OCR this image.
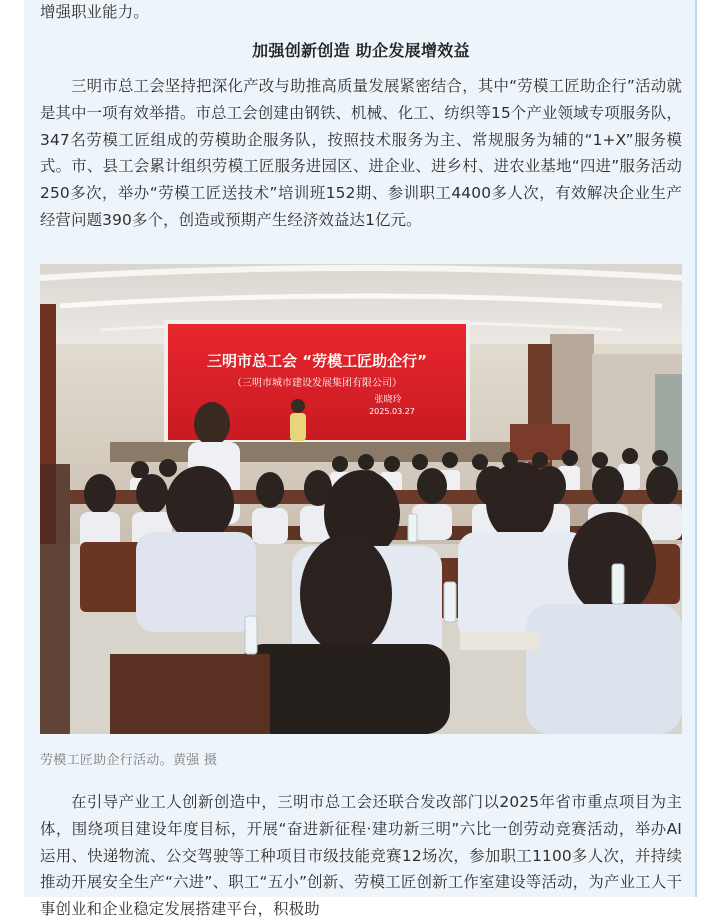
增强职业能力。

加强创新创造 助企发展增效益

三明市总工会坚持把深化产改与助推高质量发展紧密结合，其中“劳模工匠助企行”活动就是其中一项有效举措。市总工会创建由钢铁、机械、化工、纺织等15个产业领域专项服务队，347名劳模工匠组成的劳模助企服务队，按照技术服务为主、常规服务为辅的“1+X”服务模式。市、县工会累计组织劳模工匠服务进园区、进企业、进乡村、进农业基地“四进”服务活动250多次，举办“劳模工匠送技术”培训班152期、参训职工4400多人次，有效解决企业生产经营问题390多个，创造或预期产生经济效益达1亿元。

三明市总工会 “劳模工匠助企行”
（三明市城市建设发展集团有限公司）
张晓玲
2025.03.27

劳模工匠助企行活动。黄强 摄

在引导产业工人创新创造中，三明市总工会还联合发改部门以2025年省市重点项目为主体，围绕项目建设年度目标，开展“奋进新征程·建功新三明”六比一创劳动竞赛活动，举办AI运用、快递物流、公交驾驶等工种项目市级技能竞赛12场次，参加职工1100多人次，并持续推动开展安全生产“六进”、职工“五小”创新、劳模工匠创新工作室建设等活动，为产业工人干事创业和企业稳定发展搭建平台，积极助
